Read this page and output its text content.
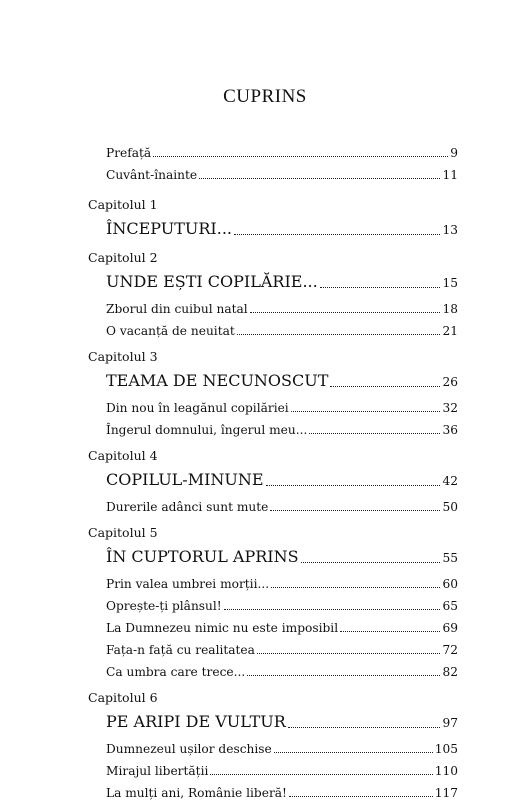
CUPRINS
Prefață	9
Cuvânt-înainte	11
Capitolul 1
ÎNCEPUTURI...	13
Capitolul 2
UNDE EȘTI COPILĂRIE...	15
Zborul din cuibul natal	18
O vacanță de neuitat	21
Capitolul 3
TEAMA DE NECUNOSCUT	26
Din nou în leagănul copilăriei	32
Îngerul domnului, îngerul meu...	36
Capitolul 4
COPILUL-MINUNE	42
Durerile adânci sunt mute	50
Capitolul 5
ÎN CUPTORUL APRINS	55
Prin valea umbrei morții...	60
Oprește-ți plânsul!	65
La Dumnezeu nimic nu este imposibil	69
Fața-n față cu realitatea	72
Ca umbra care trece...	82
Capitolul 6
PE ARIPI DE VULTUR	97
Dumnezeul ușilor deschise	105
Mirajul libertății	110
La mulți ani, Românie liberă!	117
